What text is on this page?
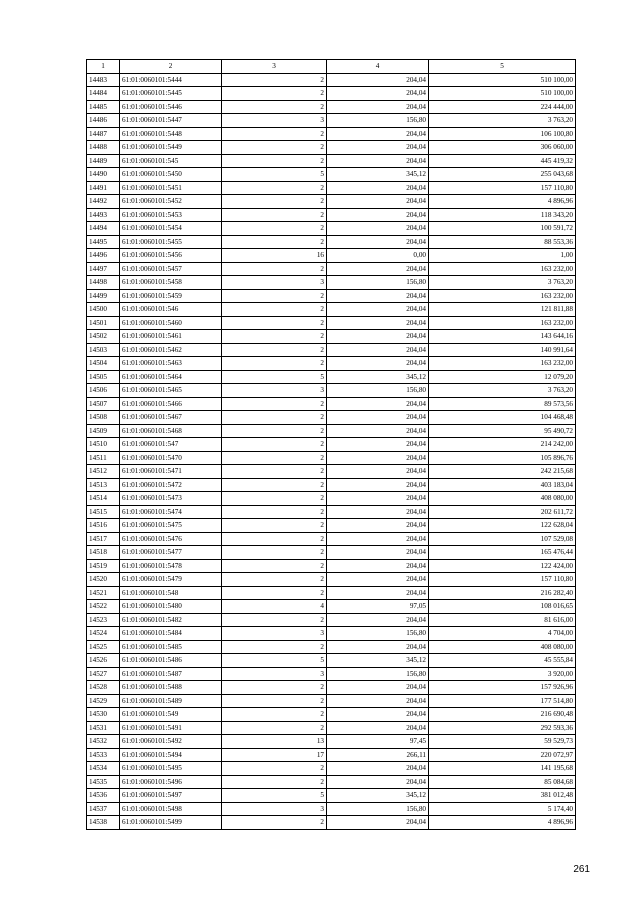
1	2	3	4	5
14483	61:01:0060101:5444	2	204,04	510 100,00
14484	61:01:0060101:5445	2	204,04	510 100,00
14485	61:01:0060101:5446	2	204,04	224 444,00
14486	61:01:0060101:5447	3	156,80	3 763,20
14487	61:01:0060101:5448	2	204,04	106 100,80
14488	61:01:0060101:5449	2	204,04	306 060,00
14489	61:01:0060101:545	2	204,04	445 419,32
14490	61:01:0060101:5450	5	345,12	255 043,68
14491	61:01:0060101:5451	2	204,04	157 110,80
14492	61:01:0060101:5452	2	204,04	4 896,96
14493	61:01:0060101:5453	2	204,04	118 343,20
14494	61:01:0060101:5454	2	204,04	100 591,72
14495	61:01:0060101:5455	2	204,04	88 553,36
14496	61:01:0060101:5456	16	0,00	1,00
14497	61:01:0060101:5457	2	204,04	163 232,00
14498	61:01:0060101:5458	3	156,80	3 763,20
14499	61:01:0060101:5459	2	204,04	163 232,00
14500	61:01:0060101:546	2	204,04	121 811,88
14501	61:01:0060101:5460	2	204,04	163 232,00
14502	61:01:0060101:5461	2	204,04	143 644,16
14503	61:01:0060101:5462	2	204,04	140 991,64
14504	61:01:0060101:5463	2	204,04	163 232,00
14505	61:01:0060101:5464	5	345,12	12 079,20
14506	61:01:0060101:5465	3	156,80	3 763,20
14507	61:01:0060101:5466	2	204,04	89 573,56
14508	61:01:0060101:5467	2	204,04	104 468,48
14509	61:01:0060101:5468	2	204,04	95 490,72
14510	61:01:0060101:547	2	204,04	214 242,00
14511	61:01:0060101:5470	2	204,04	105 896,76
14512	61:01:0060101:5471	2	204,04	242 215,68
14513	61:01:0060101:5472	2	204,04	403 183,04
14514	61:01:0060101:5473	2	204,04	408 080,00
14515	61:01:0060101:5474	2	204,04	202 611,72
14516	61:01:0060101:5475	2	204,04	122 628,04
14517	61:01:0060101:5476	2	204,04	107 529,08
14518	61:01:0060101:5477	2	204,04	165 476,44
14519	61:01:0060101:5478	2	204,04	122 424,00
14520	61:01:0060101:5479	2	204,04	157 110,80
14521	61:01:0060101:548	2	204,04	216 282,40
14522	61:01:0060101:5480	4	97,05	108 016,65
14523	61:01:0060101:5482	2	204,04	81 616,00
14524	61:01:0060101:5484	3	156,80	4 704,00
14525	61:01:0060101:5485	2	204,04	408 080,00
14526	61:01:0060101:5486	5	345,12	45 555,84
14527	61:01:0060101:5487	3	156,80	3 920,00
14528	61:01:0060101:5488	2	204,04	157 926,96
14529	61:01:0060101:5489	2	204,04	177 514,80
14530	61:01:0060101:549	2	204,04	216 690,48
14531	61:01:0060101:5491	2	204,04	292 593,36
14532	61:01:0060101:5492	13	97,45	59 529,73
14533	61:01:0060101:5494	17	266,11	220 072,97
14534	61:01:0060101:5495	2	204,04	141 195,68
14535	61:01:0060101:5496	2	204,04	85 084,68
14536	61:01:0060101:5497	5	345,12	381 012,48
14537	61:01:0060101:5498	3	156,80	5 174,40
14538	61:01:0060101:5499	2	204,04	4 896,96
261
